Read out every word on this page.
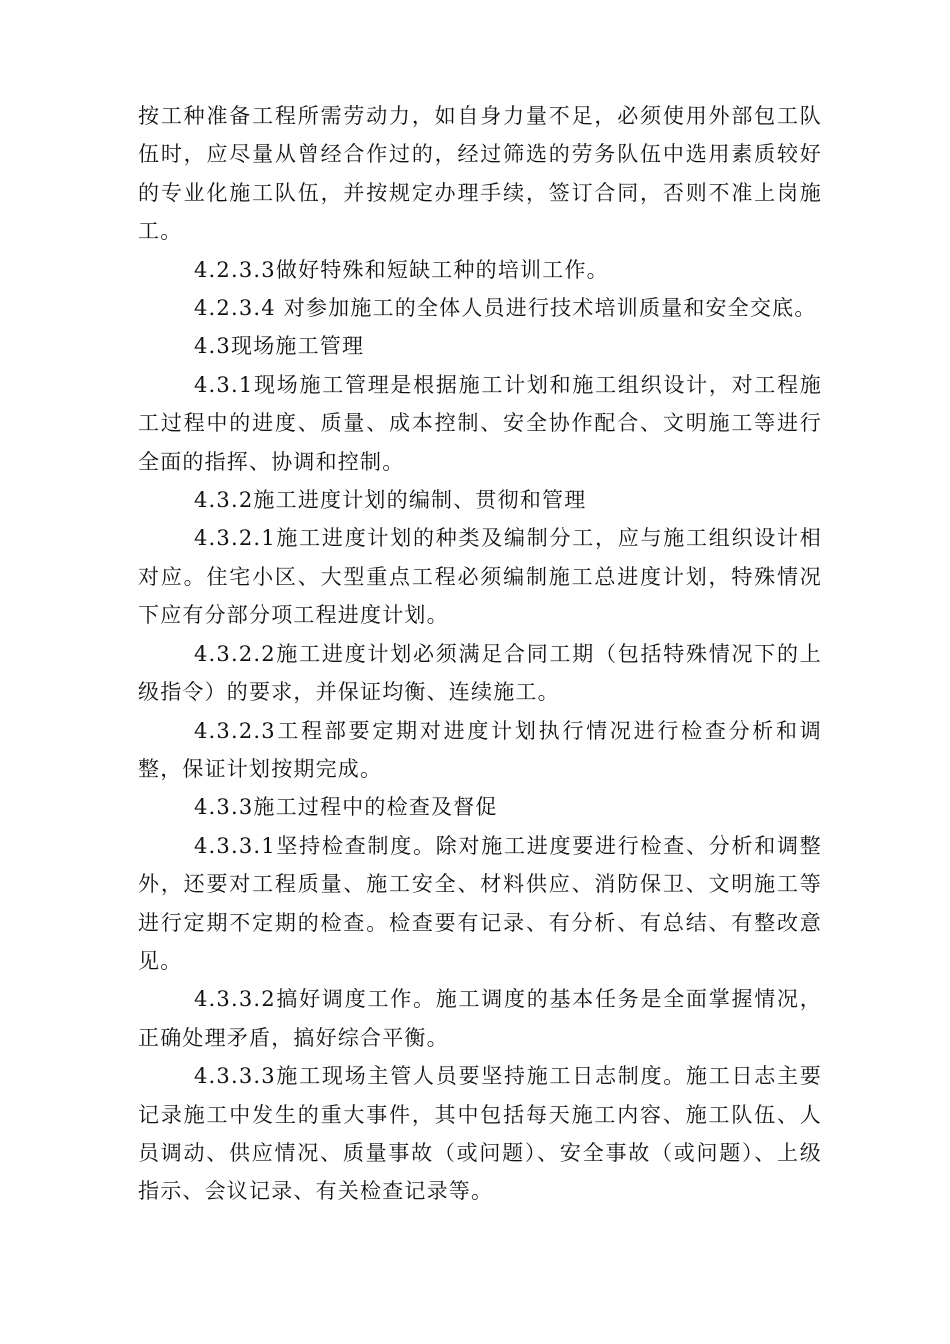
按工种准备工程所需劳动力，如自身力量不足，必须使用外部包工队伍时，应尽量从曾经合作过的，经过筛选的劳务队伍中选用素质较好的专业化施工队伍，并按规定办理手续，签订合同，否则不准上岗施工。

4.2.3.3做好特殊和短缺工种的培训工作。

4.2.3.4 对参加施工的全体人员进行技术培训质量和安全交底。

4.3现场施工管理

4.3.1现场施工管理是根据施工计划和施工组织设计，对工程施工过程中的进度、质量、成本控制、安全协作配合、文明施工等进行全面的指挥、协调和控制。

4.3.2施工进度计划的编制、贯彻和管理

4.3.2.1施工进度计划的种类及编制分工，应与施工组织设计相对应。住宅小区、大型重点工程必须编制施工总进度计划，特殊情况下应有分部分项工程进度计划。

4.3.2.2施工进度计划必须满足合同工期（包括特殊情况下的上级指令）的要求，并保证均衡、连续施工。

4.3.2.3工程部要定期对进度计划执行情况进行检查分析和调整，保证计划按期完成。

4.3.3施工过程中的检查及督促

4.3.3.1坚持检查制度。除对施工进度要进行检查、分析和调整外，还要对工程质量、施工安全、材料供应、消防保卫、文明施工等进行定期不定期的检查。检查要有记录、有分析、有总结、有整改意见。

4.3.3.2搞好调度工作。施工调度的基本任务是全面掌握情况，正确处理矛盾，搞好综合平衡。

4.3.3.3施工现场主管人员要坚持施工日志制度。施工日志主要记录施工中发生的重大事件，其中包括每天施工内容、施工队伍、人员调动、供应情况、质量事故（或问题）、安全事故（或问题）、上级指示、会议记录、有关检查记录等。
